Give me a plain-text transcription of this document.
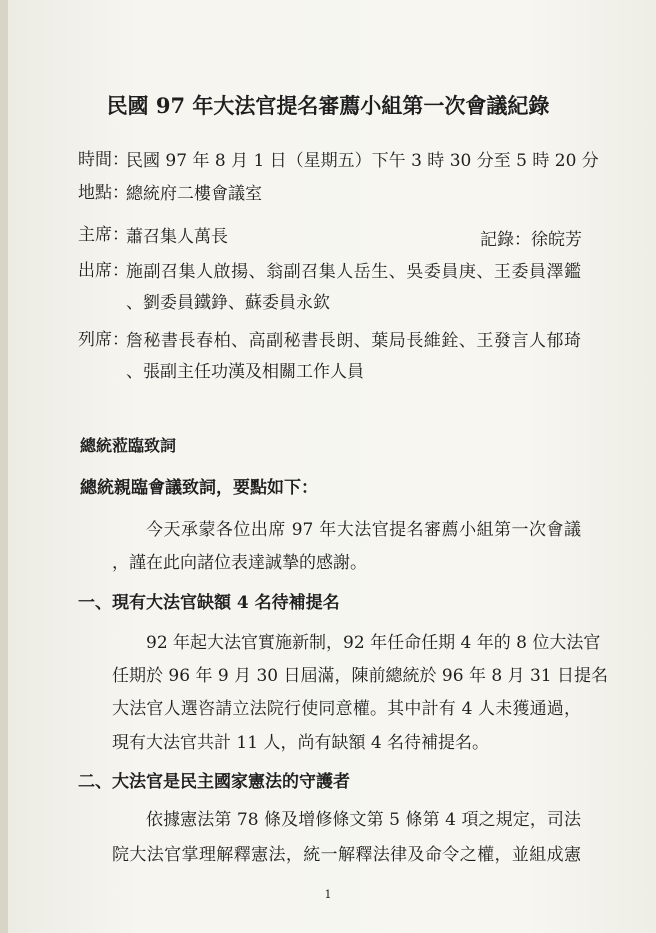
民國 97 年大法官提名審薦小組第一次會議紀錄
時間：
民國 97 年 8 月 1 日（星期五）下午 3 時 30 分至 5 時 20 分
地點：
總統府二樓會議室
主席：
蕭召集人萬長	記錄：徐皖芳
出席：
施副召集人啟揚、翁副召集人岳生、吳委員庚、王委員澤鑑
、劉委員鐵錚、蘇委員永欽
列席：
詹秘書長春柏、高副秘書長朗、葉局長維銓、王發言人郁琦
、張副主任功漢及相關工作人員
總統蒞臨致詞
總統親臨會議致詞，要點如下：
今天承蒙各位出席 97 年大法官提名審薦小組第一次會議
，謹在此向諸位表達誠摯的感謝。
一、現有大法官缺額 4 名待補提名
92 年起大法官實施新制，92 年任命任期 4 年的 8 位大法官
任期於 96 年 9 月 30 日屆滿，陳前總統於 96 年 8 月 31 日提名
大法官人選咨請立法院行使同意權。其中計有 4 人未獲通過，
現有大法官共計 11 人，尚有缺額 4 名待補提名。
二、大法官是民主國家憲法的守護者
依據憲法第 78 條及增修條文第 5 條第 4 項之規定，司法
院大法官掌理解釋憲法，統一解釋法律及命令之權，並組成憲
1
